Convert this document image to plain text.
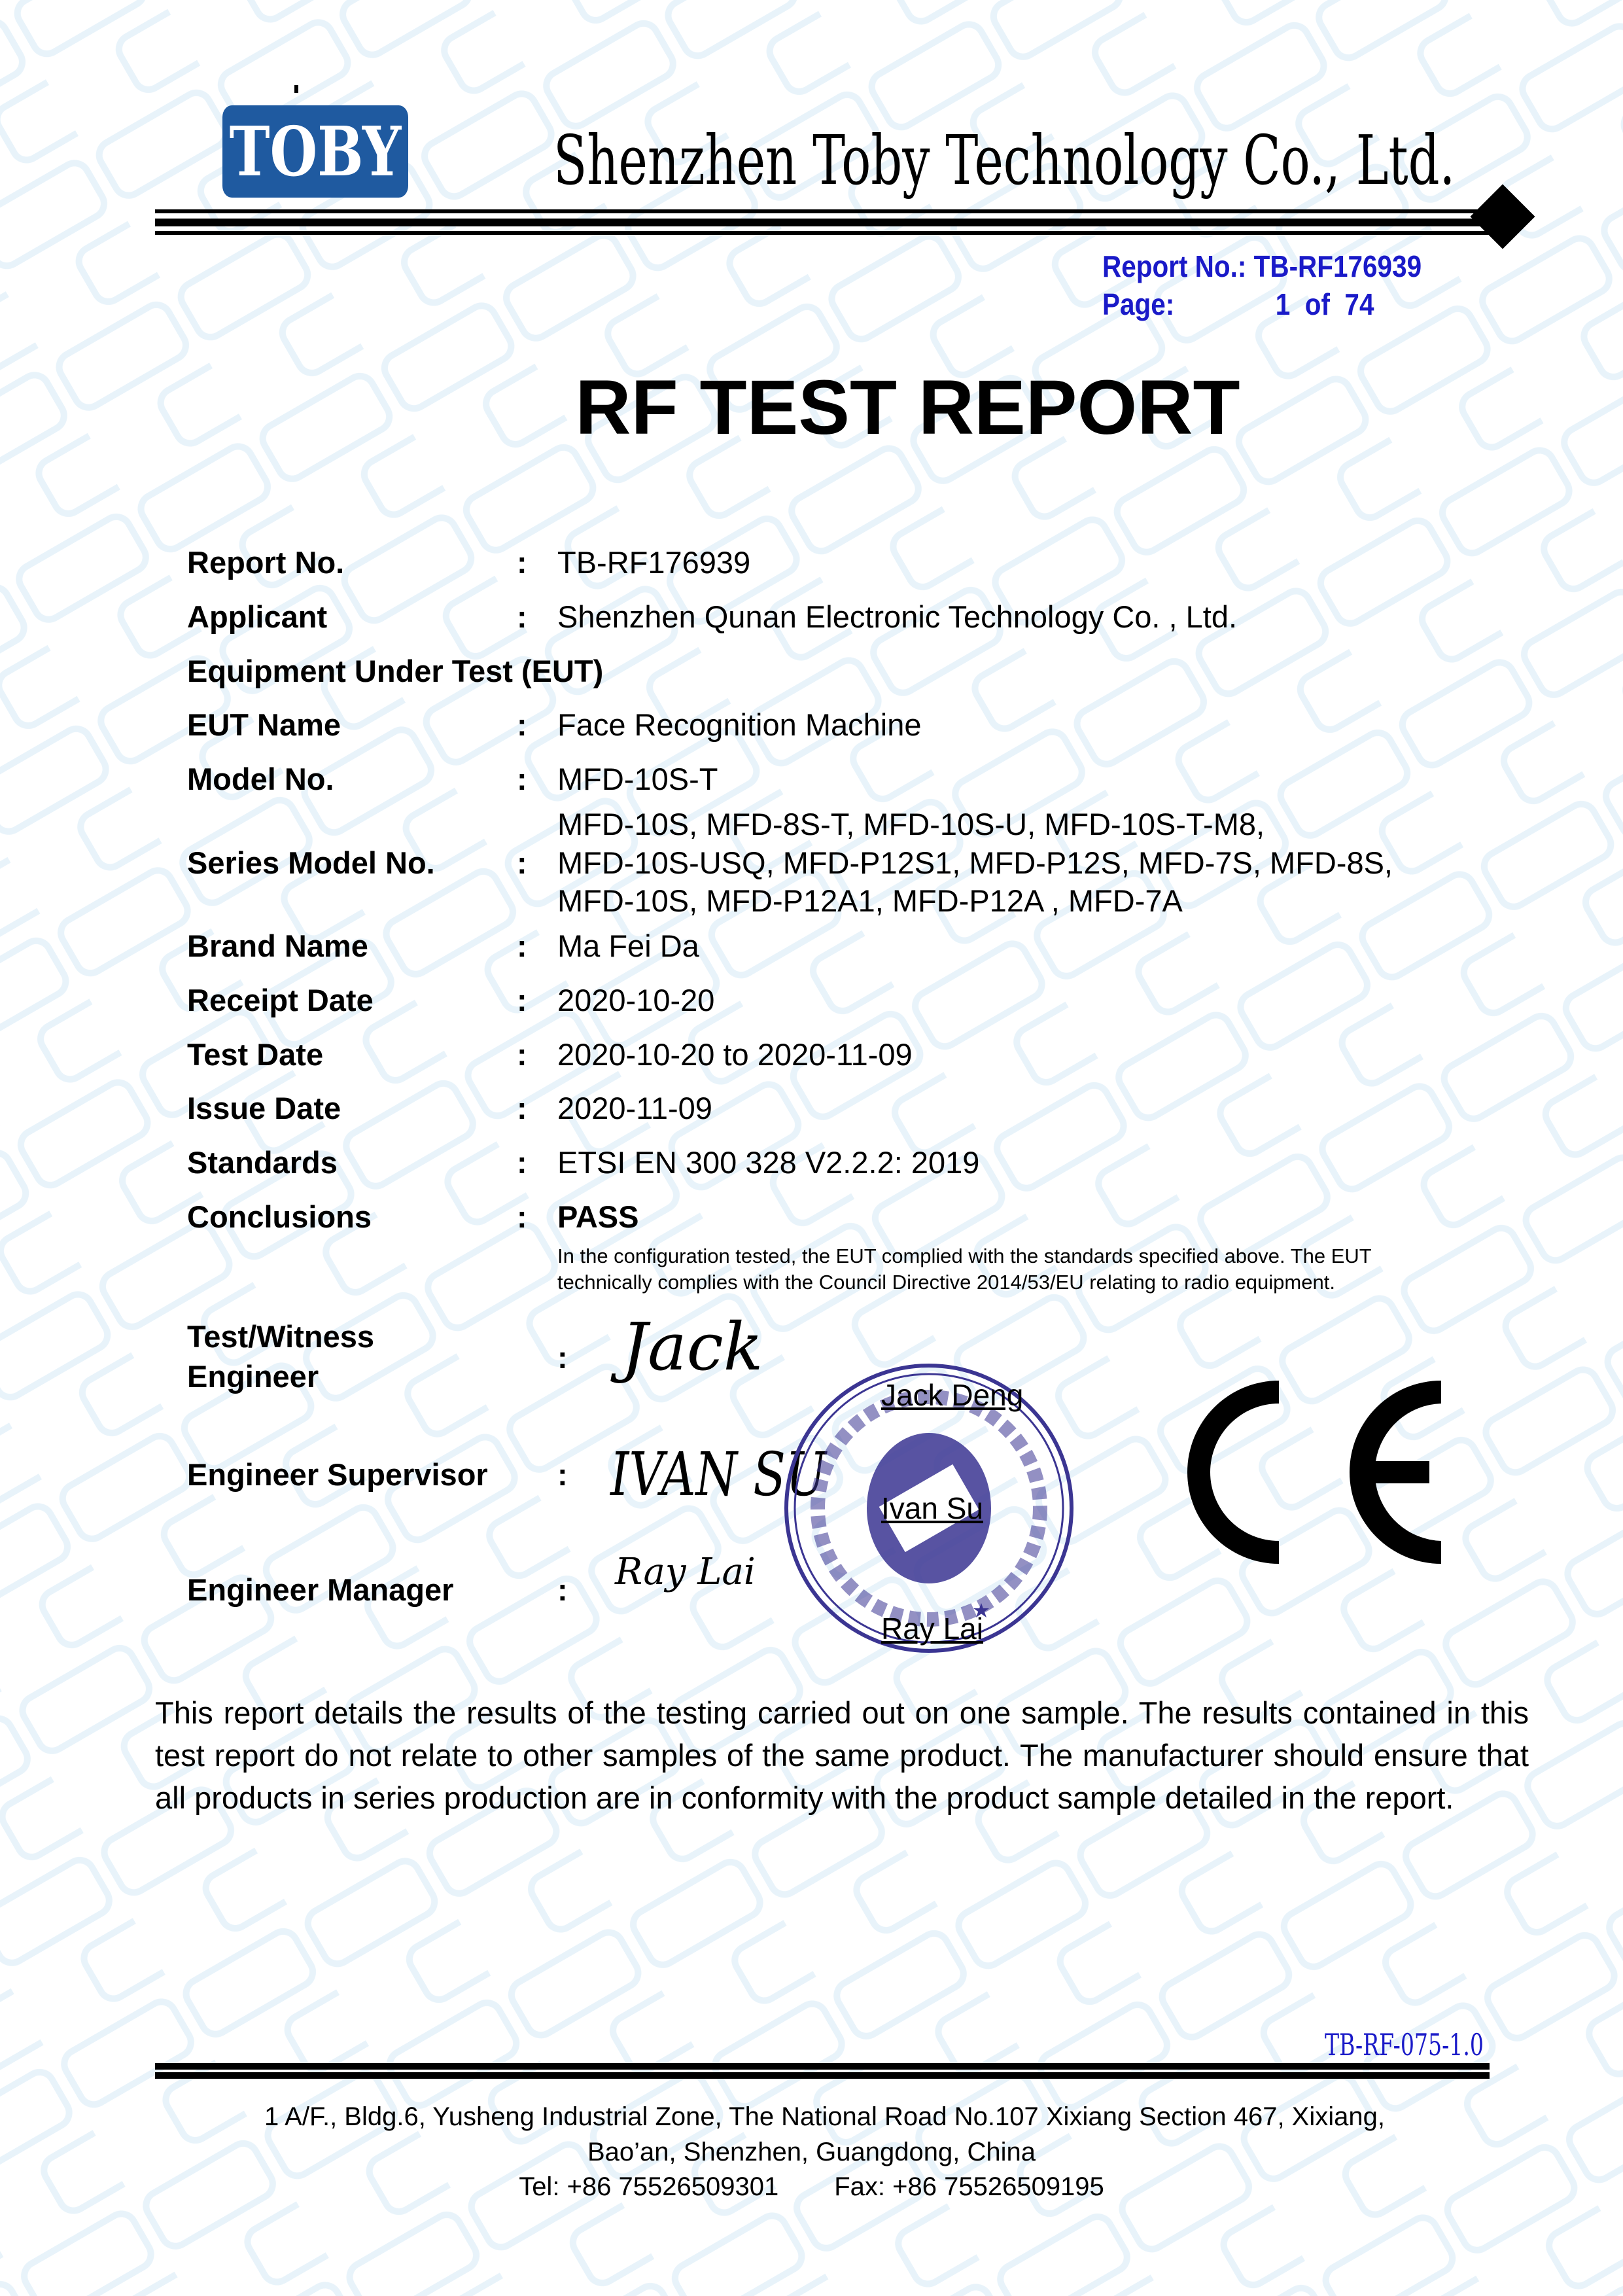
TOBY Shenzhen Toby Technology Co., Ltd.
Report No.: TB-RF176939
Page:	1  of  74
RF TEST REPORT
Report No.	: TB-RF176939
Applicant	: Shenzhen Qunan Electronic Technology Co. , Ltd.
Equipment Under Test (EUT)
EUT Name	: Face Recognition Machine
Model No.	: MFD-10S-T
Series Model No.	:
MFD-10S, MFD-8S-T, MFD-10S-U, MFD-10S-T-M8,
MFD-10S-USQ, MFD-P12S1, MFD-P12S, MFD-7S, MFD-8S,
MFD-10S, MFD-P12A1, MFD-P12A , MFD-7A
Brand Name	: Ma Fei Da
Receipt Date	: 2020-10-20
Test Date	: 2020-10-20 to 2020-11-09
Issue Date	: 2020-11-09
Standards	: ETSI EN 300 328 V2.2.2: 2019
Conclusions	: PASS
In the configuration tested, the EUT complied with the standards specified above. The EUT
technically complies with the Council Directive 2014/53/EU relating to radio equipment.
Test/Witness
Engineer
: Jack
Engineer Supervisor : IVAN SU
Engineer Manager	: Ray Lai
Jack Deng
Ivan Su
Ray Lai
This report details the results of the testing carried out on one sample. The results contained in this test report do not relate to other samples of the same product. The manufacturer should ensure that all products in series production are in conformity with the product sample detailed in the report.
TB-RF-075-1.0
1 A/F., Bldg.6, Yusheng Industrial Zone, The National Road No.107 Xixiang Section 467, Xixiang,
Bao’an, Shenzhen, Guangdong, China
Tel: +86 75526509301 Fax: +86 75526509195
